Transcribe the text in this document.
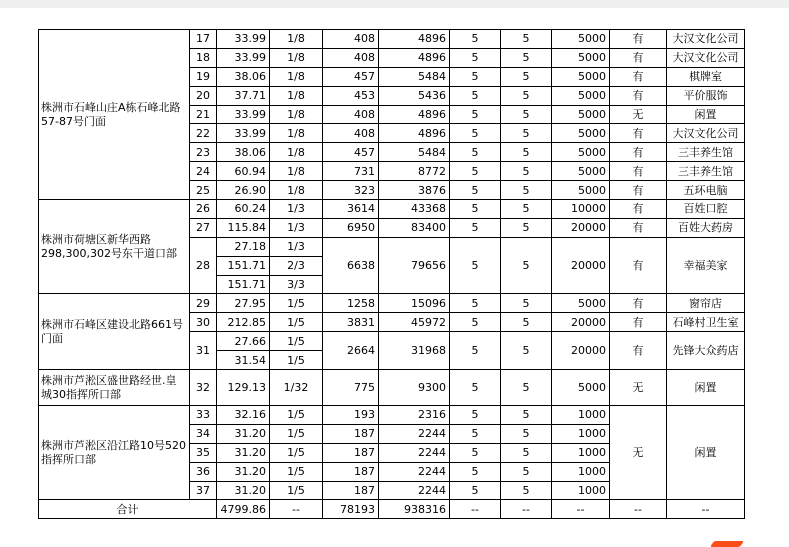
株洲市石峰山庄A栋石峰北路57-87号门面	17	33.99	1/8	408	4896	5	5	5000	有	大汉文化公司
	18	33.99	1/8	408	4896	5	5	5000	有	大汉文化公司
	19	38.06	1/8	457	5484	5	5	5000	有	棋牌室
	20	37.71	1/8	453	5436	5	5	5000	有	平价服饰
	21	33.99	1/8	408	4896	5	5	5000	无	闲置
	22	33.99	1/8	408	4896	5	5	5000	有	大汉文化公司
	23	38.06	1/8	457	5484	5	5	5000	有	三丰养生馆
	24	60.94	1/8	731	8772	5	5	5000	有	三丰养生馆
	25	26.90	1/8	323	3876	5	5	5000	有	五环电脑
株洲市荷塘区新华西路298,300,302号东干道口部	26	60.24	1/3	3614	43368	5	5	10000	有	百姓口腔
	27	115.84	1/3	6950	83400	5	5	20000	有	百姓大药房
	28	27.18	1/3	6638	79656	5	5	20000	有	幸福美家
		151.71	2/3							
		151.71	3/3							
株洲市石峰区建设北路661号门面	29	27.95	1/5	1258	15096	5	5	5000	有	窗帘店
	30	212.85	1/5	3831	45972	5	5	20000	有	石峰村卫生室
	31	27.66	1/5	2664	31968	5	5	20000	有	先锋大众药店
		31.54	1/5							
株洲市芦淞区盛世路经世.皇城30指挥所口部	32	129.13	1/32	775	9300	5	5	5000	无	闲置
株洲市芦淞区沿江路10号520指挥所口部	33	32.16	1/5	193	2316	5	5	1000	无	闲置
	34	31.20	1/5	187	2244	5	5	1000		
	35	31.20	1/5	187	2244	5	5	1000		
	36	31.20	1/5	187	2244	5	5	1000		
	37	31.20	1/5	187	2244	5	5	1000		
合计		4799.86	--	78193	938316	--	--	--	--	--
